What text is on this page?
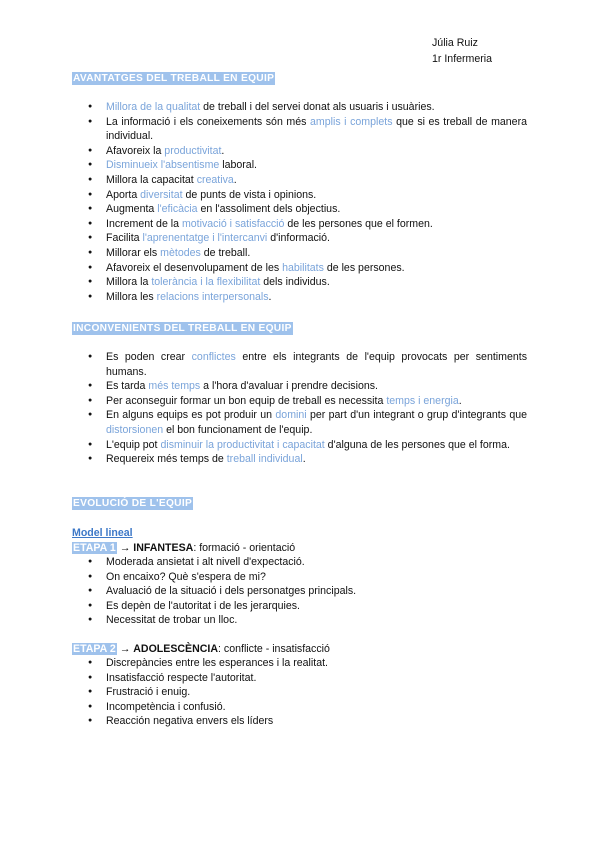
Júlia Ruiz
1r Infermeria
AVANTATGES DEL TREBALL EN EQUIP
● Millora de la qualitat de treball i del servei donat als usuaris i usuàries.
● La informació i els coneixements són més amplis i complets que si es treball de manera individual.
● Afavoreix la productivitat.
● Disminueix l'absentisme laboral.
● Millora la capacitat creativa.
● Aporta diversitat de punts de vista i opinions.
● Augmenta l'eficàcia en l'assoliment dels objectius.
● Increment de la motivació i satisfacció de les persones que el formen.
● Facilita l'aprenentatge i l'intercanvi d'informació.
● Millorar els mètodes de treball.
● Afavoreix el desenvolupament de les habilitats de les persones.
● Millora la tolerància i la flexibilitat dels individus.
● Millora les relacions interpersonals.
INCONVENIENTS DEL TREBALL EN EQUIP
● Es poden crear conflictes entre els integrants de l'equip provocats per sentiments humans.
● Es tarda més temps a l'hora d'avaluar i prendre decisions.
● Per aconseguir formar un bon equip de treball es necessita temps i energia.
● En alguns equips es pot produir un domini per part d'un integrant o grup d'integrants que distorsionen el bon funcionament de l'equip.
● L'equip pot disminuir la productivitat i capacitat d'alguna de les persones que el forma.
● Requereix més temps de treball individual.
EVOLUCIÓ DE L'EQUIP
Model lineal
ETAPA 1 → INFANTESA: formació - orientació
● Moderada ansietat i alt nivell d'expectació.
● On encaixo? Què s'espera de mi?
● Avaluació de la situació i dels personatges principals.
● Es depèn de l'autoritat i de les jerarquies.
● Necessitat de trobar un lloc.
ETAPA 2 → ADOLESCÈNCIA: conflicte - insatisfacció
● Discrepàncies entre les esperances i la realitat.
● Insatisfacció respecte l'autoritat.
● Frustració i enuig.
● Incompetència i confusió.
● Reacción negativa envers els líders
